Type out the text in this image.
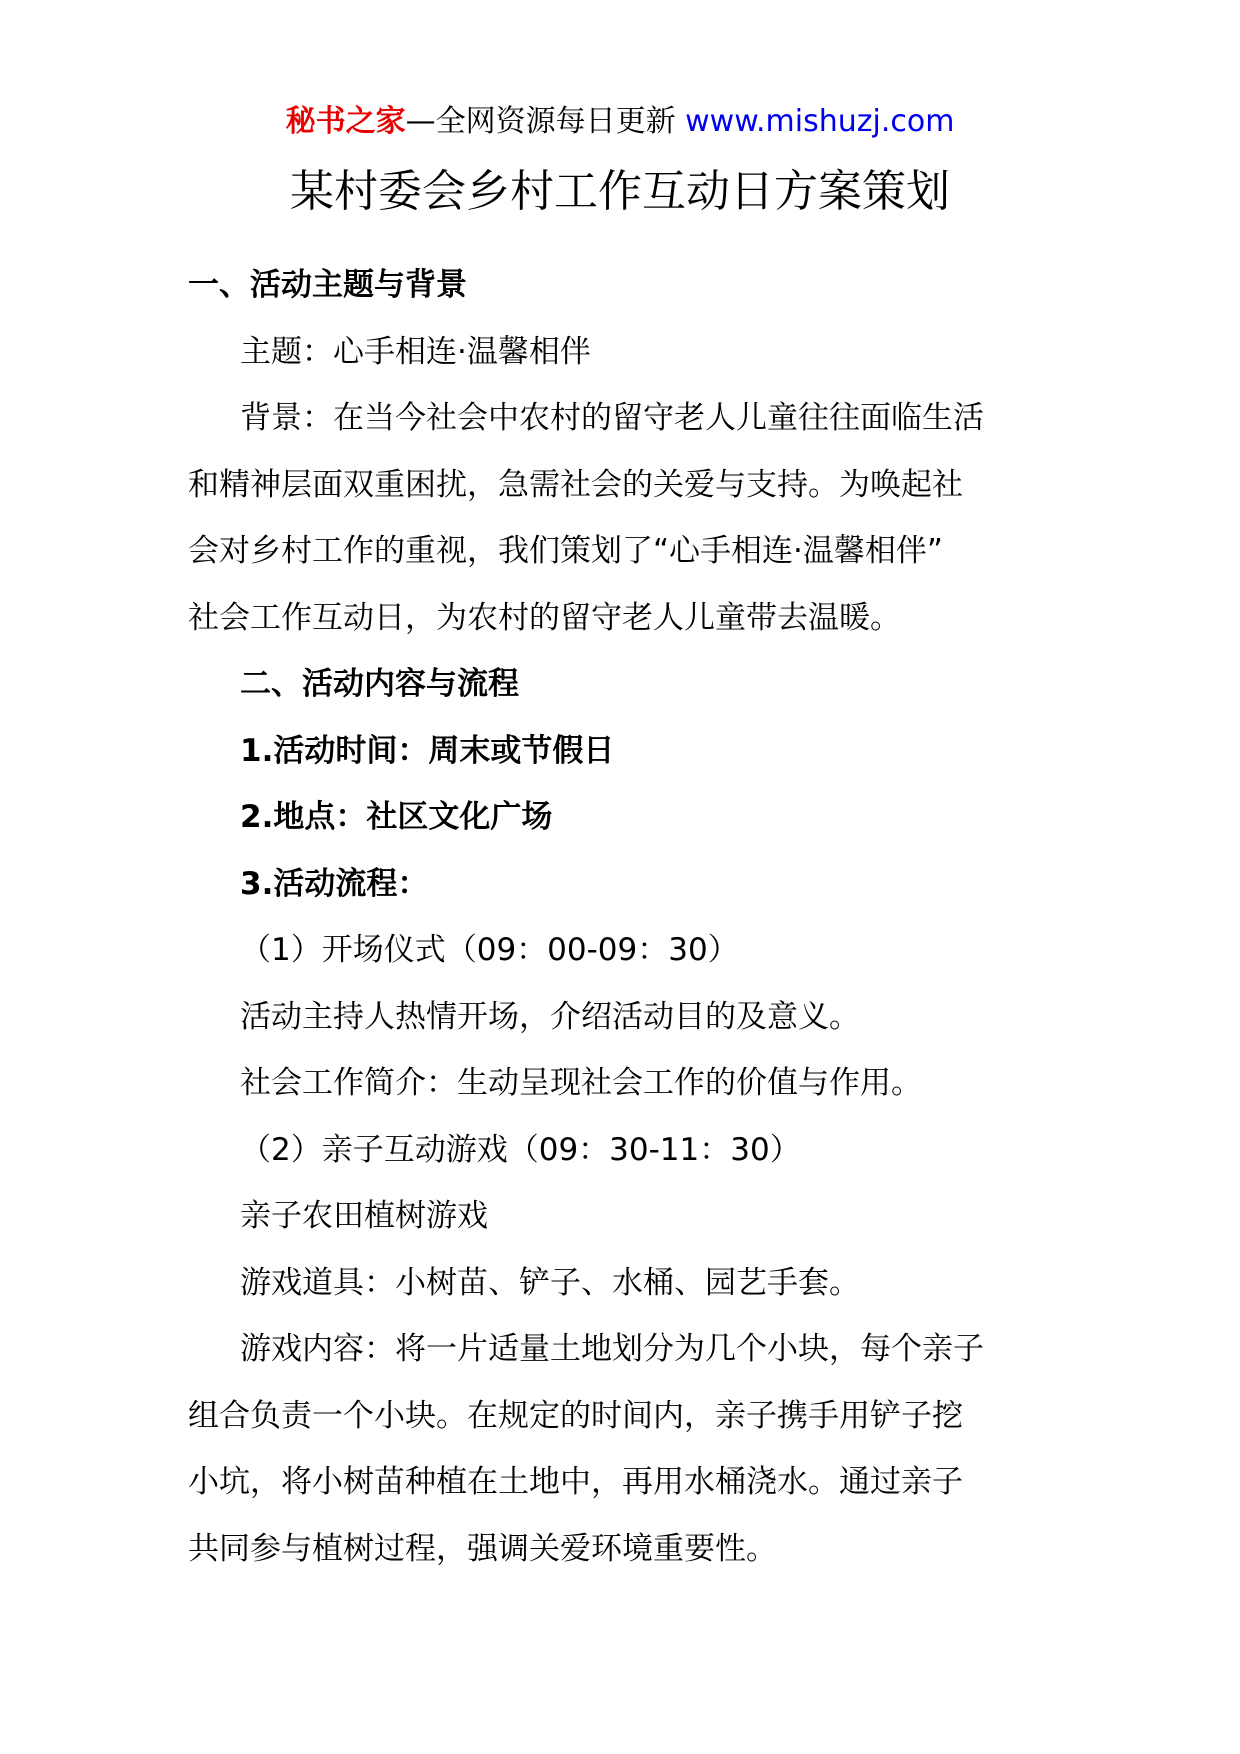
秘书之家—全网资源每日更新 www.mishuzj.com
某村委会乡村工作互动日方案策划
一、活动主题与背景
主题：心手相连·温馨相伴
背景：在当今社会中农村的留守老人儿童往往面临生活
和精神层面双重困扰，急需社会的关爱与支持。为唤起社
会对乡村工作的重视，我们策划了“心手相连·温馨相伴”
社会工作互动日，为农村的留守老人儿童带去温暖。
二、活动内容与流程
1.活动时间：周末或节假日
2.地点：社区文化广场
3.活动流程：
（1）开场仪式（09：00-09：30）
活动主持人热情开场，介绍活动目的及意义。
社会工作简介：生动呈现社会工作的价值与作用。
（2）亲子互动游戏（09：30-11：30）
亲子农田植树游戏
游戏道具：小树苗、铲子、水桶、园艺手套。
游戏内容：将一片适量土地划分为几个小块，每个亲子
组合负责一个小块。在规定的时间内，亲子携手用铲子挖
小坑，将小树苗种植在土地中，再用水桶浇水。通过亲子
共同参与植树过程，强调关爱环境重要性。
